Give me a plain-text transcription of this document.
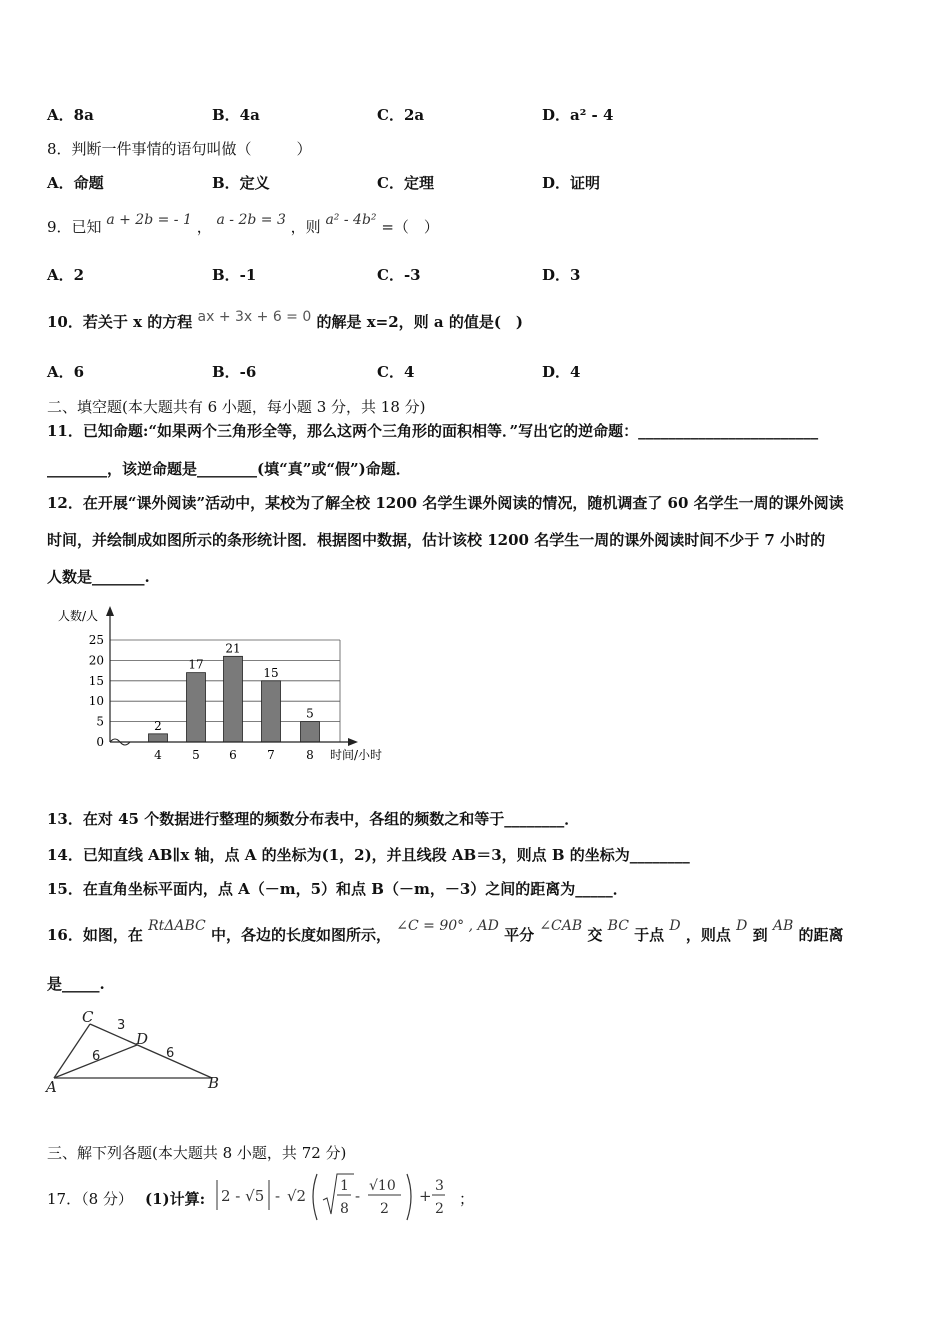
A．8a	B．4a	C．2a	D．a² - 4
8．判断一件事情的语句叫做（　　　）
A．命题	B．定义	C．定理	D．证明
9．已知 a + 2b = - 1 ， a - 2b = 3 ，则 a² - 4b² =（　）
A．2	B．-1	C．-3	D．3
10．若关于 x 的方程 ax + 3x + 6 = 0 的解是 x=2，则 a 的值是(　)
A．6	B．-6	C．4	D．4
二、填空题(本大题共有 6 小题，每小题 3 分，共 18 分)
11．已知命题:“如果两个三角形全等，那么这两个三角形的面积相等．”写出它的逆命题：________________________
________，该逆命题是________(填“真”或“假”)命题．
12．在开展“课外阅读”活动中，某校为了解全校 1200 名学生课外阅读的情况，随机调查了 60 名学生一周的课外阅读
时间，并绘制成如图所示的条形统计图．根据图中数据，估计该校 1200 名学生一周的课外阅读时间不少于 7 小时的
人数是_______.
0
5
10
15
20
25
4	5 6	7	8
2
17
21
15
5
人数/人
时间/小时
13．在对 45 个数据进行整理的频数分布表中，各组的频数之和等于________．
14．已知直线 AB∥x 轴，点 A 的坐标为(1，2)，并且线段 AB＝3，则点 B 的坐标为________
15．在直角坐标平面内，点 A（－m，5）和点 B（－m，－3）之间的距离为_____．
16．如图，在 RtΔABC 中，各边的长度如图所示， ∠C = 90° , AD 平分 ∠CAB 交 BC 于点 D ，则点 D 到 AB 的距离
是_____.
C
D
A	B
3
6	6
三、解下列各题(本大题共 8 小题，共 72 分)
17．（8 分） (1)计算: 2 - √5 - √2
1
8
-
√10
2
+
3
2
；
